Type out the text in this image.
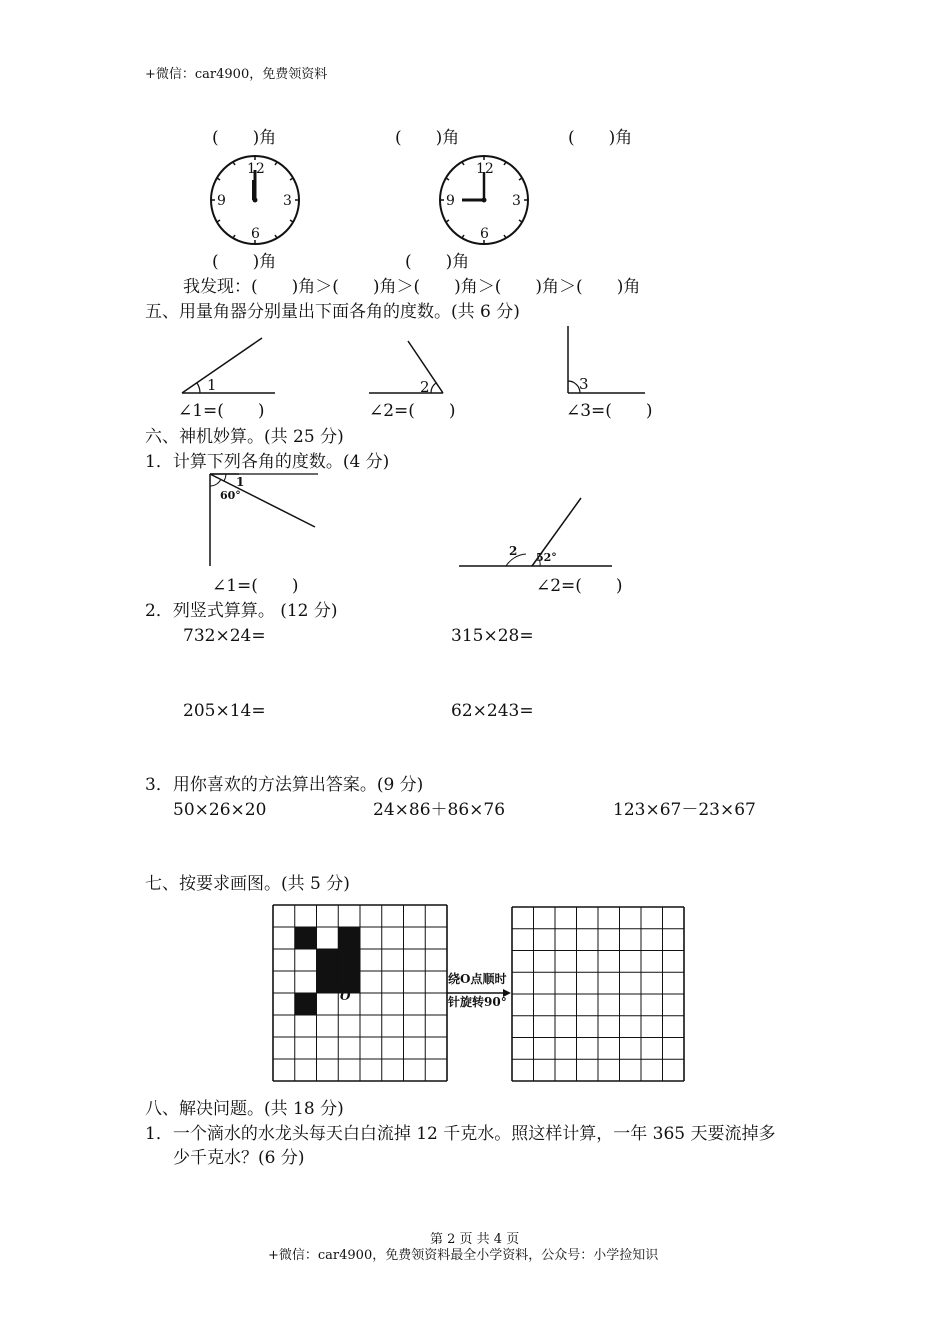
+微信：car4900，免费领资料
(　　)角	(　　)角	(　　)角
12
3
6
9
12
3
6
9
(　　)角	(　　)角
我发现：(　　)角＞(　　)角＞(　　)角＞(　　)角＞(　　)角
五、用量角器分别量出下面各角的度数。(共 6 分)
1	2	3
∠1=(　　)	∠2=(　　)	∠3=(　　)
六、神机妙算。(共 25 分)
1．计算下列各角的度数。(4 分)
1
60°
2 52°
∠1=(　　)	∠2=(　　)
2．列竖式算算。 (12 分)
732×24=	315×28=
205×14=	62×243=
3．用你喜欢的方法算出答案。(9 分)
50×26×20	24×86＋86×76	123×67－23×67
七、按要求画图。(共 5 分)
绕O点顺时
针旋转90°
O
八、解决问题。(共 18 分)
1．一个滴水的水龙头每天白白流掉 12 千克水。照这样计算，一年 365 天要流掉多
少千克水？(6 分)
第 2 页 共 4 页
+微信：car4900，免费领资料最全小学资料，公众号：小学捡知识
